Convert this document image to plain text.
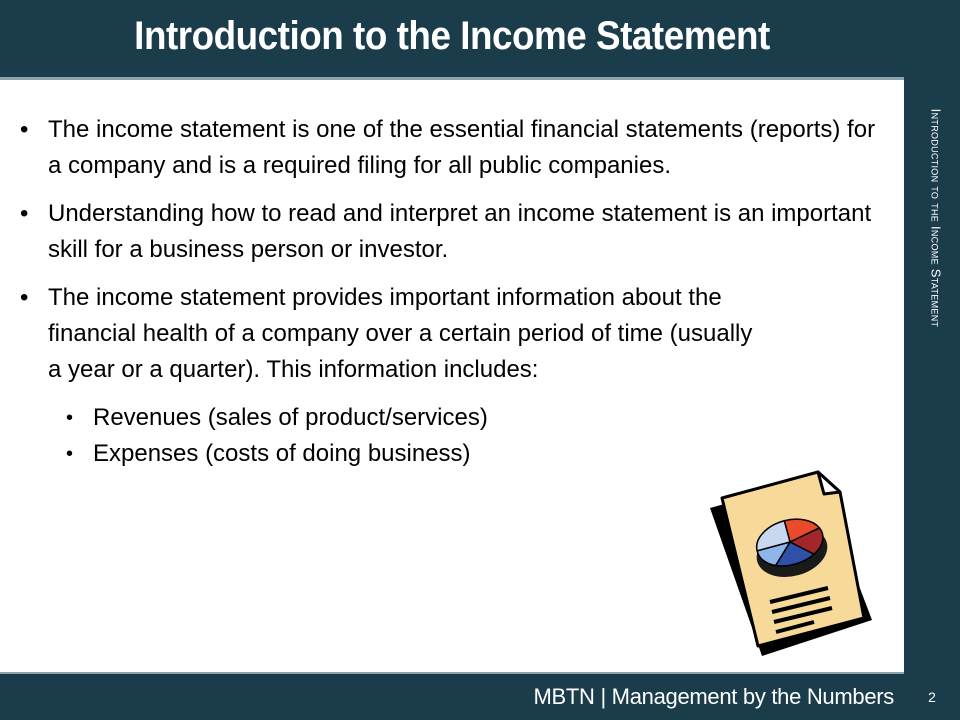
Introduction to the Income Statement
Introduction to the Income Statement
2
• The income statement is one of the essential financial statements (reports) for a company and is a required filing for all public companies.
• Understanding how to read and interpret an income statement is an important skill for a business person or investor.
• The income statement provides important information about the financial health of a company over a certain period of time (usually a year or a quarter). This information includes:
• Revenues (sales of product/services)
• Expenses (costs of doing business)
MBTN | Management by the Numbers
